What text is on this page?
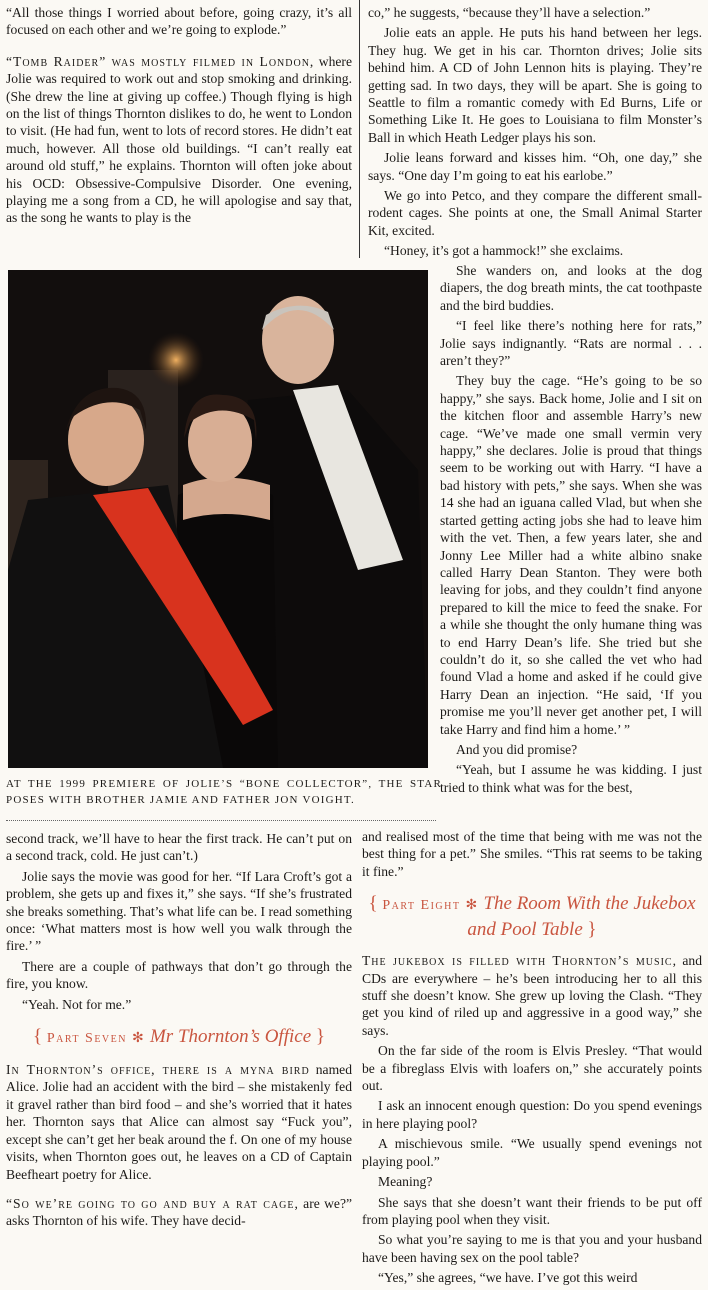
“All those things I worried about before, going crazy, it’s all focused on each other and we’re going to explode.”

“Tomb Raider” was mostly filmed in London, where Jolie was required to work out and stop smoking and drinking. (She drew the line at giving up coffee.) Though flying is high on the list of things Thornton dislikes to do, he went to London to visit. (He had fun, went to lots of record stores. He didn’t eat much, however. All those old buildings. “I can’t really eat around old stuff,” he explains. Thornton will often joke about his OCD: Obsessive-Compulsive Disorder. One evening, playing me a song from a CD, he will apologise and say that, as the song he wants to play is the

co,” he suggests, “because they’ll have a selection.”

Jolie eats an apple. He puts his hand between her legs. They hug. We get in his car. Thornton drives; Jolie sits behind him. A CD of John Lennon hits is playing. They’re getting sad. In two days, they will be apart. She is going to Seattle to film a romantic comedy with Ed Burns, Life or Something Like It. He goes to Louisiana to film Monster’s Ball in which Heath Ledger plays his son.

Jolie leans forward and kisses him. “Oh, one day,” she says. “One day I’m going to eat his earlobe.”

We go into Petco, and they compare the different small-rodent cages. She points at one, the Small Animal Starter Kit, excited.

“Honey, it’s got a hammock!” she exclaims.

She wanders on, and looks at the dog diapers, the dog breath mints, the cat toothpaste and the bird buddies.

“I feel like there’s nothing here for rats,” Jolie says indignantly. “Rats are normal . . . aren’t they?”

They buy the cage. “He’s going to be so happy,” she says. Back home, Jolie and I sit on the kitchen floor and assemble Harry’s new cage. “We’ve made one small vermin very happy,” she declares. Jolie is proud that things seem to be working out with Harry. “I have a bad history with pets,” she says. When she was 14 she had an iguana called Vlad, but when she started getting acting jobs she had to leave him with the vet. Then, a few years later, she and Jonny Lee Miller had a white albino snake called Harry Dean Stanton. They were both leaving for jobs, and they couldn’t find anyone prepared to kill the mice to feed the snake. For a while she thought the only humane thing was to end Harry Dean’s life. She tried but she couldn’t do it, so she called the vet who had found Vlad a home and asked if he could give Harry Dean an injection. “He said, ‘If you promise me you’ll never get another pet, I will take Harry and find him a home.’ ”

And you did promise?

“Yeah, but I assume he was kidding. I just tried to think what was for the best,

AT THE 1999 PREMIERE OF JOLIE’S “BONE COLLECTOR”, THE STAR POSES WITH BROTHER JAMIE AND FATHER JON VOIGHT.

second track, we’ll have to hear the first track. He can’t put on a second track, cold. He just can’t.)

Jolie says the movie was good for her. “If Lara Croft’s got a problem, she gets up and fixes it,” she says. “If she’s frustrated she breaks something. That’s what life can be. I read something once: ‘What matters most is how well you walk through the fire.’ ”

There are a couple of pathways that don’t go through the fire, you know.

“Yeah. Not for me.”

{ Part Seven ✻ Mr Thornton’s Office }

In Thornton’s office, there is a myna bird named Alice. Jolie had an accident with the bird – she mistakenly fed it gravel rather than bird food – and she’s worried that it hates her. Thornton says that Alice can almost say “Fuck you”, except she can’t get her beak around the f. On one of my house visits, when Thornton goes out, he leaves on a CD of Captain Beefheart poetry for Alice.

“So we’re going to go and buy a rat cage, are we?” asks Thornton of his wife. They have decid-

and realised most of the time that being with me was not the best thing for a pet.” She smiles. “This rat seems to be taking it fine.”

{ Part Eight ✻ The Room With the Jukebox and Pool Table }

The jukebox is filled with Thornton’s music, and CDs are everywhere – he’s been introducing her to all this stuff she doesn’t know. She grew up loving the Clash. “They get you kind of riled up and aggressive in a good way,” she says.

On the far side of the room is Elvis Presley. “That would be a fibreglass Elvis with loafers on,” she accurately points out.

I ask an innocent enough question: Do you spend evenings in here playing pool?

A mischievous smile. “We usually spend evenings not playing pool.”

Meaning?

She says that she doesn’t want their friends to be put off from playing pool when they visit.

So what you’re saying to me is that you and your husband have been having sex on the pool table?

“Yes,” she agrees, “we have. I’ve got this weird
